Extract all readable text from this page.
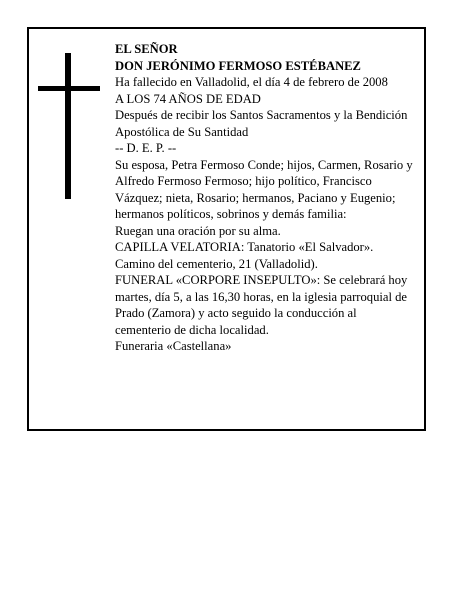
EL SEÑOR

DON JERÓNIMO FERMOSO ESTÉBANEZ

Ha fallecido en Valladolid, el día 4 de febrero de 2008

A LOS 74 AÑOS DE EDAD

Después de recibir los Santos Sacramentos y la Bendición Apostólica de Su Santidad

-- D. E. P. --

Su esposa, Petra Fermoso Conde; hijos, Carmen, Rosario y Alfredo Fermoso Fermoso; hijo político, Francisco Vázquez; nieta, Rosario; hermanos, Paciano y Eugenio; hermanos políticos, sobrinos y demás familia:

Ruegan una oración por su alma.

CAPILLA VELATORIA: Tanatorio «El Salvador». Camino del cementerio, 21 (Valladolid).

FUNERAL «CORPORE INSEPULTO»: Se celebrará hoy martes, día 5, a las 16,30 horas, en la iglesia parroquial de Prado (Zamora) y acto seguido la conducción al cementerio de dicha localidad.

Funeraria «Castellana»
